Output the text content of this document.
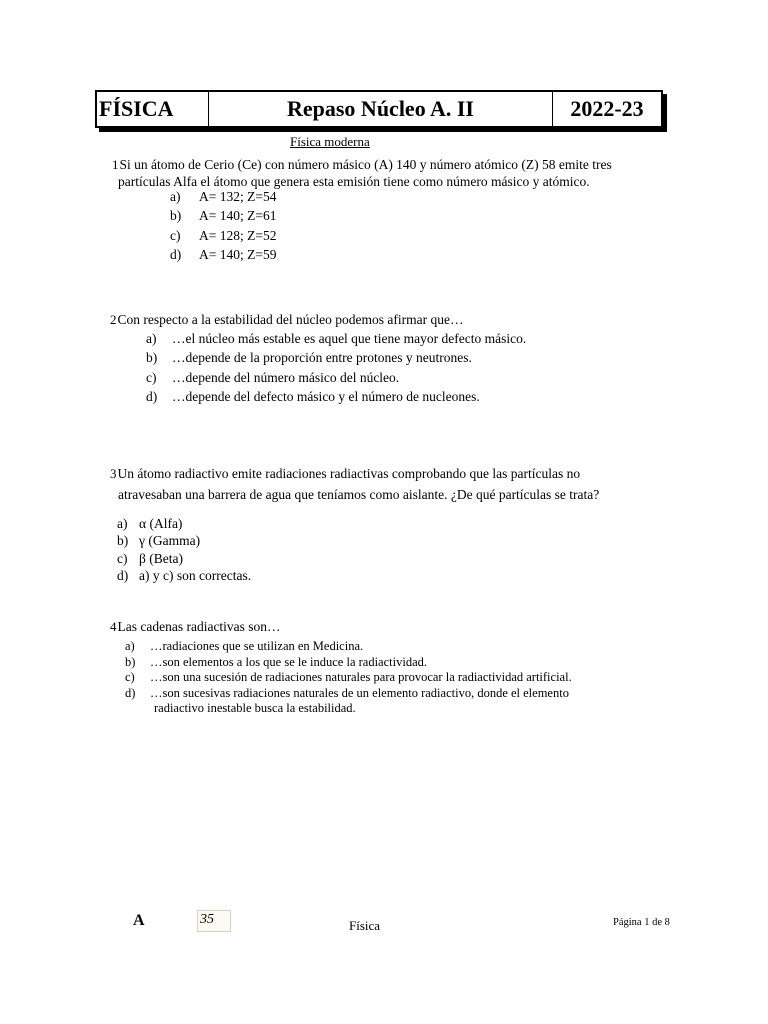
FÍSICA	Repaso Núcleo A. II	2022-23
Física moderna
1Si un átomo de Cerio (Ce) con número másico (A) 140 y número atómico (Z) 58 emite tres
partículas Alfa el átomo que genera esta emisión tiene como número másico y atómico.
a)	A= 132; Z=54
b)	A= 140; Z=61
c)	A= 128; Z=52
d)	A= 140; Z=59
2Con respecto a la estabilidad del núcleo podemos afirmar que…
a)	…el núcleo más estable es aquel que tiene mayor defecto másico.
b)	…depende de la proporción entre protones y neutrones.
c)	…depende del número másico del núcleo.
d)	…depende del defecto másico y el número de nucleones.
3Un átomo radiactivo emite radiaciones radiactivas comprobando que las partículas no
atravesaban una barrera de agua que teníamos como aislante. ¿De qué partículas se trata?
a) α (Alfa)
b) γ (Gamma)
c) β (Beta)
d) a) y c) son correctas.
4Las cadenas radiactivas son…
a)	…radiaciones que se utilizan en Medicina.
b)	…son elementos a los que se le induce la radiactividad.
c)	…son una sucesión de radiaciones naturales para provocar la radiactividad artificial.
d)	…son sucesivas radiaciones naturales de un elemento radiactivo, donde el elemento
radiactivo inestable busca la estabilidad.
A	35	Física	Página 1 de 8
